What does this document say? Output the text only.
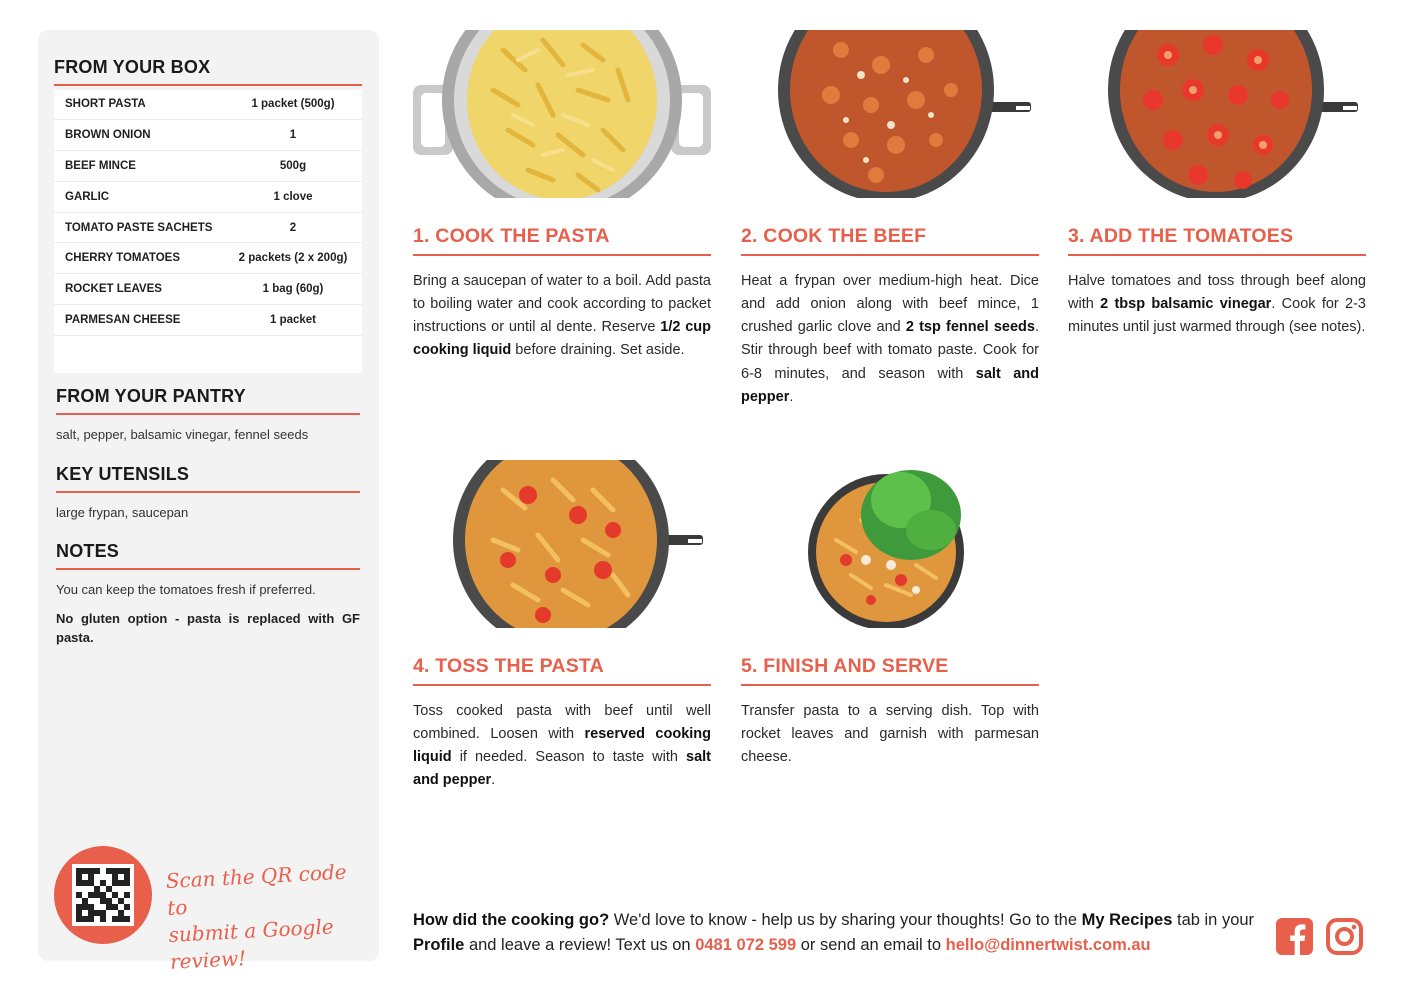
FROM YOUR BOX
SHORT PASTA	1 packet (500g)
BROWN ONION	1
BEEF MINCE	500g
GARLIC	1 clove
TOMATO PASTE SACHETS	2
CHERRY TOMATOES	2 packets (2 x 200g)
ROCKET LEAVES	1 bag (60g)
PARMESAN CHEESE	1 packet
FROM YOUR PANTRY
salt, pepper, balsamic vinegar, fennel seeds
KEY UTENSILS
large frypan, saucepan
NOTES
You can keep the tomatoes fresh if preferred.
No gluten option - pasta is replaced with GF pasta.
Scan the QR code to
submit a Google review!
1. COOK THE PASTA
Bring a saucepan of water to a boil. Add pasta to boiling water and cook according to packet instructions or until al dente. Reserve 1/2 cup cooking liquid before draining. Set aside.
2. COOK THE BEEF
Heat a frypan over medium-high heat. Dice and add onion along with beef mince, 1 crushed garlic clove and 2 tsp fennel seeds. Stir through beef with tomato paste. Cook for 6-8 minutes, and season with salt and pepper.
3. ADD THE TOMATOES
Halve tomatoes and toss through beef along with 2 tbsp balsamic vinegar. Cook for 2-3 minutes until just warmed through (see notes).
4. TOSS THE PASTA
Toss cooked pasta with beef until well combined. Loosen with reserved cooking liquid if needed. Season to taste with salt and pepper.
5. FINISH AND SERVE
Transfer pasta to a serving dish. Top with rocket leaves and garnish with parmesan cheese.
How did the cooking go? We'd love to know - help us by sharing your thoughts! Go to the My Recipes tab in your Profile and leave a review! Text us on 0481 072 599 or send an email to hello@dinnertwist.com.au
